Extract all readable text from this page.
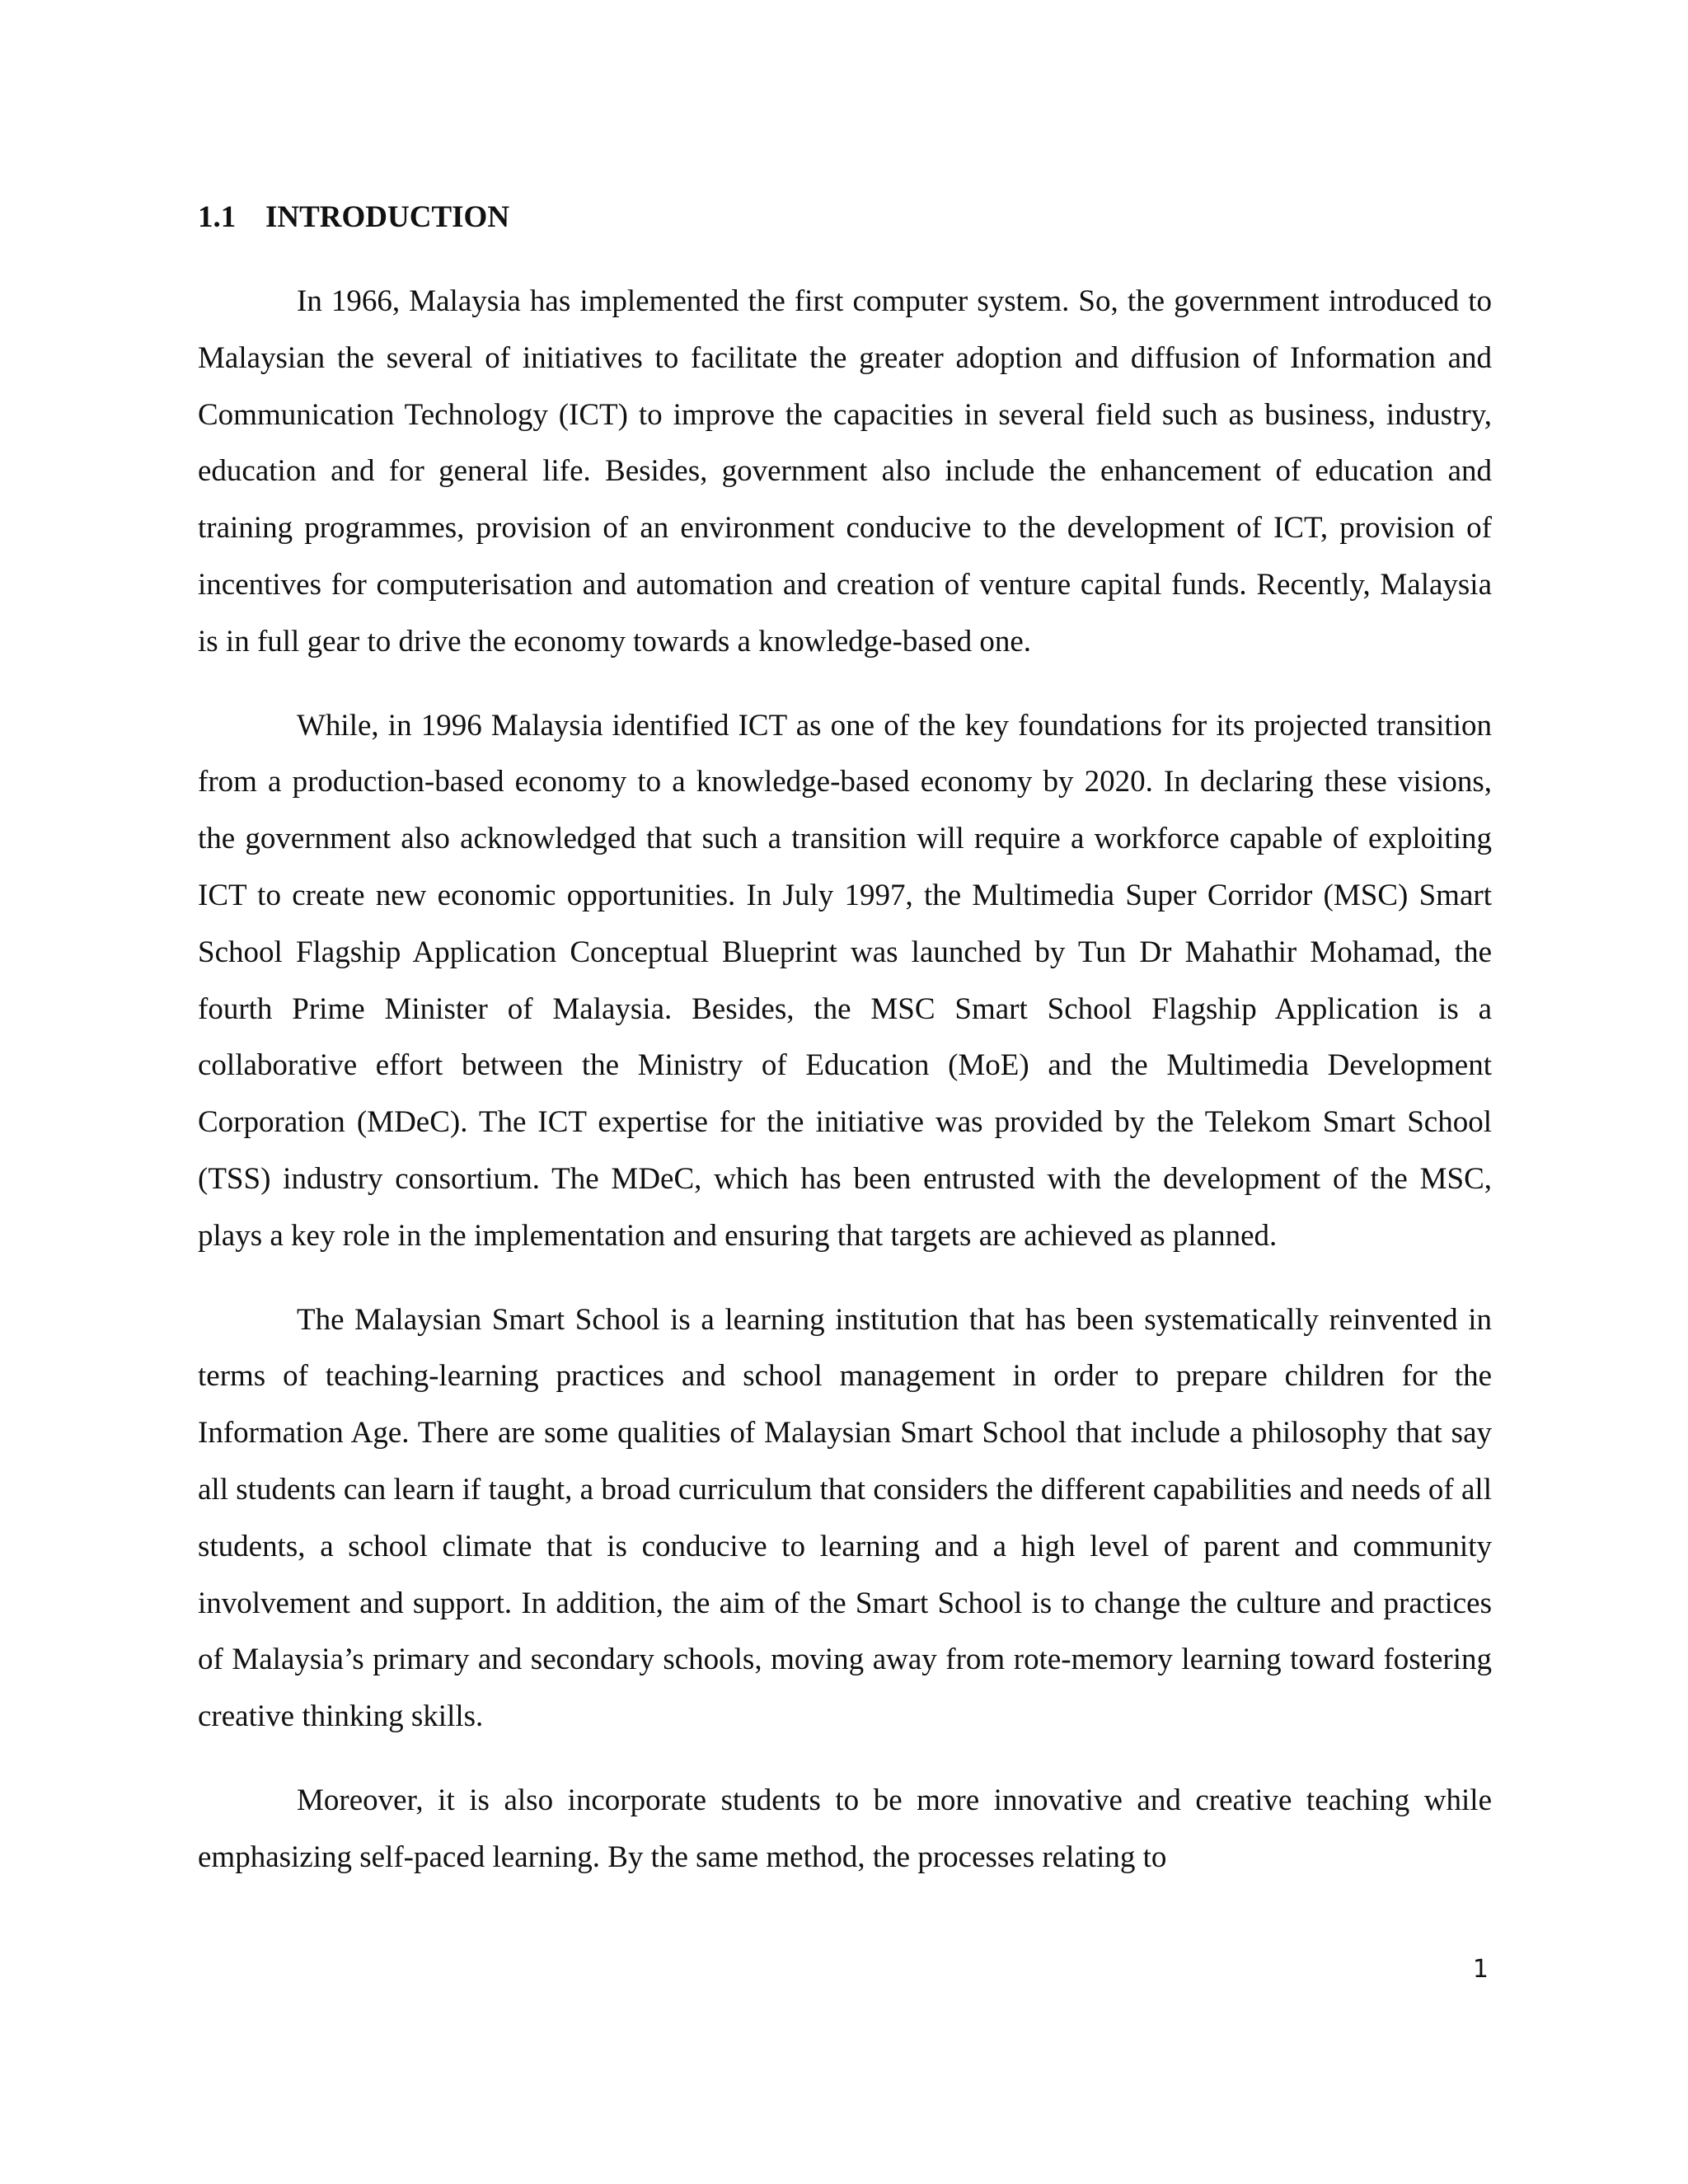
1.1 INTRODUCTION

In 1966, Malaysia has implemented the first computer system. So, the government introduced to Malaysian the several of initiatives to facilitate the greater adoption and diffusion of Information and Communication Technology (ICT) to improve the capacities in several field such as business, industry, education and for general life. Besides, government also include the enhancement of education and training programmes, provision of an environment conducive to the development of ICT, provision of incentives for computerisation and automation and creation of venture capital funds. Recently, Malaysia is in full gear to drive the economy towards a knowledge-based one.

While, in 1996 Malaysia identified ICT as one of the key foundations for its projected transition from a production-based economy to a knowledge-based economy by 2020. In declaring these visions, the government also acknowledged that such a transition will require a workforce capable of exploiting ICT to create new economic opportunities. In July 1997, the Multimedia Super Corridor (MSC) Smart School Flagship Application Conceptual Blueprint was launched by Tun Dr Mahathir Mohamad, the fourth Prime Minister of Malaysia. Besides, the MSC Smart School Flagship Application is a collaborative effort between the Ministry of Education (MoE) and the Multimedia Development Corporation (MDeC). The ICT expertise for the initiative was provided by the Telekom Smart School (TSS) industry consortium. The MDeC, which has been entrusted with the development of the MSC, plays a key role in the implementation and ensuring that targets are achieved as planned.

The Malaysian Smart School is a learning institution that has been systematically reinvented in terms of teaching-learning practices and school management in order to prepare children for the Information Age. There are some qualities of Malaysian Smart School that include a philosophy that say all students can learn if taught, a broad curriculum that considers the different capabilities and needs of all students, a school climate that is conducive to learning and a high level of parent and community involvement and support. In addition, the aim of the Smart School is to change the culture and practices of Malaysia’s primary and secondary schools, moving away from rote-memory learning toward fostering creative thinking skills.

Moreover, it is also incorporate students to be more innovative and creative teaching while emphasizing self-paced learning. By the same method, the processes relating to

1
